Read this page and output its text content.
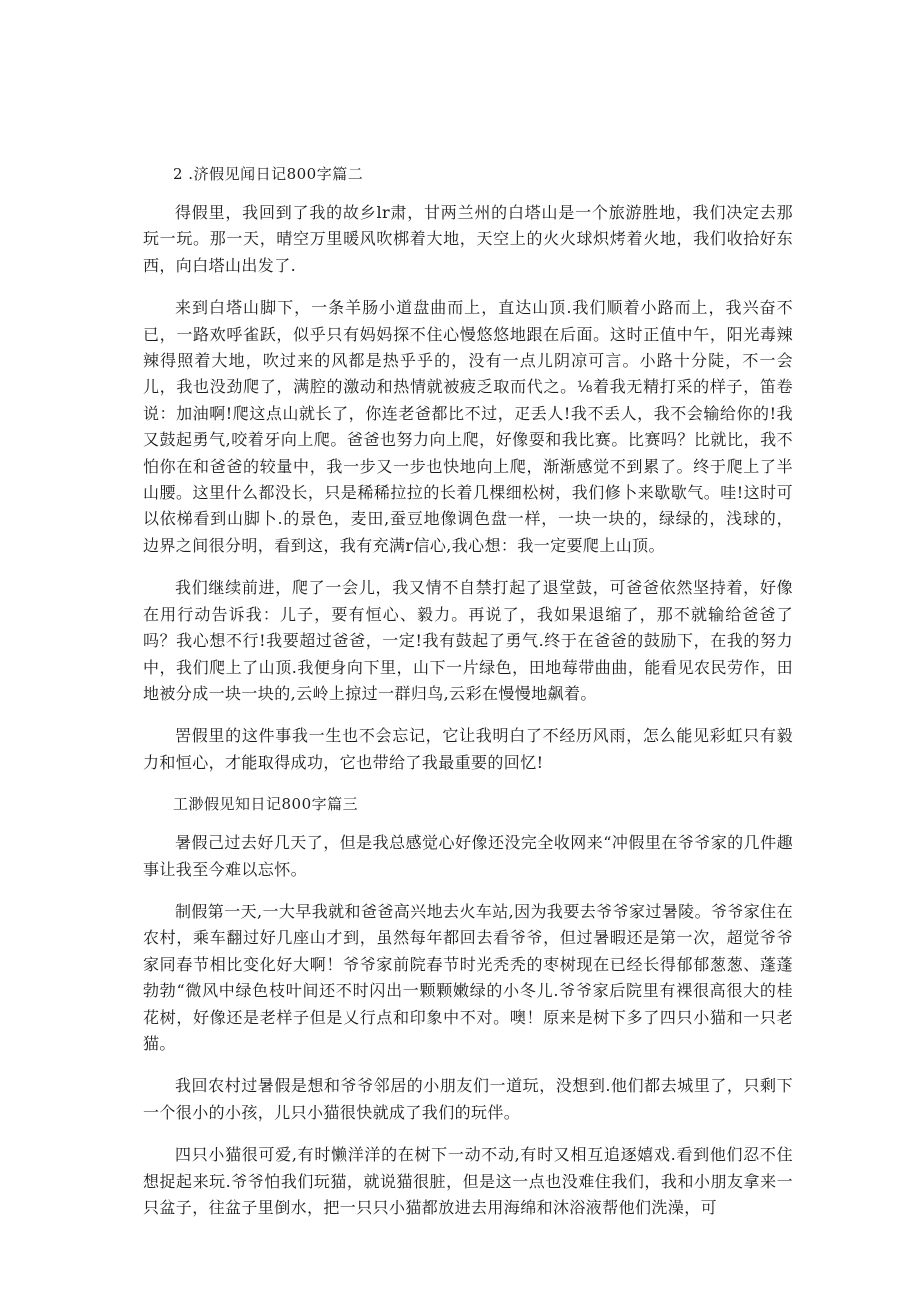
2 .济假见闻日记800字篇二

得假里，我回到了我的故乡lr肃，甘两兰州的白塔山是一个旅游胜地，我们决定去那玩一玩。那一天，晴空万里暖风吹梆着大地，天空上的火火球炽烤着火地，我们收拾好东西，向白塔山出发了.

来到白塔山脚下，一条羊肠小道盘曲而上，直达山顶.我们顺着小路而上，我兴奋不已，一路欢呼雀跃，似乎只有妈妈探不住心慢悠悠地跟在后面。这时正值中午，阳光毒辣辣得照着大地，吹过来的风都是热乎乎的，没有一点儿阴凉可言。小路十分陡，不一会儿，我也没劲爬了，满腔的激动和热情就被疲乏取而代之。⅛着我无精打采的样子，笛卷说：加油啊!爬这点山就长了，你连老爸都比不过，⽦丢人!我不丢人，我不会输给你的!我又鼓起勇气,咬着牙向上爬。爸爸也努力向上爬，好像耍和我比赛。比赛吗？比就比，我不怕你在和爸爸的较量中，我一步又一步也快地向上爬，渐渐感觉不到累了。终于爬上了半山腰。这里什么都没长，只是稀稀拉拉的长着几棵细松树，我们修卜来歇歇气。哇!这时可以依梯看到山脚卜.的景色，麦田,蚕豆地像调色盘一样，一块一块的，绿绿的，浅球的，边界之间很分明，看到这，我有充满r信心,我心想：我一定要爬上山顶。

我们继续前进，爬了一会儿，我又情不自禁打起了退堂鼓，可爸爸依然坚持着，好像在用行动告诉我：儿子，要有恒心、毅力。再说了，我如果退缩了，那不就输给爸爸了吗？我心想不行!我要超过爸爸，一定!我有鼓起了勇气.终于在爸爸的鼓励下，在我的努力中，我们爬上了山顶.我便身向下里，山下一片绿色，田地莓带曲曲，能看见农民劳作，田地被分成一块一块的,云岭上掠过一群归鸟,云彩在慢慢地飙着。

罟假里的这件事我一生也不会忘记，它让我明白了不经历风雨，怎么能见彩虹只有毅力和恒心，才能取得成功，它也带给了我最重要的回忆!

工渺假见知日记800字篇三

暑假己过去好几天了，但是我总感觉心好像还没完全收网来“冲假里在爷爷家的几件趣事让我至今难以忘怀。

制假第一天,一大早我就和爸爸高兴地去火车站,因为我要去爷爷家过暑陵。爷爷家住在农村，乘车翻过好几座山才到，虽然每年都回去看爷爷，但过暑暇还是第一次，超觉爷爷家同春节相比变化好大啊！爷爷家前院春节时光秃秃的枣树现在已经长得郁郁葱葱、蓬蓬勃勃“微风中绿色枝叶间还不时闪出一颗颗嫩绿的小冬儿.爷爷家后院里有裸很高很大的桂花树，好像还是老样子但是乂行点和印象中不对。噢！原来是树下多了四只小猫和一只老猫。

我回农村过暑假是想和爷爷邻居的小朋友们一道玩，没想到.他们都去城里了，只剩下一个很小的小孩，儿只小猫很快就成了我们的玩伴。

四只小猫很可爱,有时懒洋洋的在树下一动不动,有时又相互追逐嬉戏.看到他们忍不住想捉起来玩.爷爷怕我们玩猫，就说猫很脏，但是这一点也没难住我们，我和小朋友拿来一只盆子，往盆子里倒水，把一只只小猫都放进去用海绵和沐浴液帮他们洗澡，可
